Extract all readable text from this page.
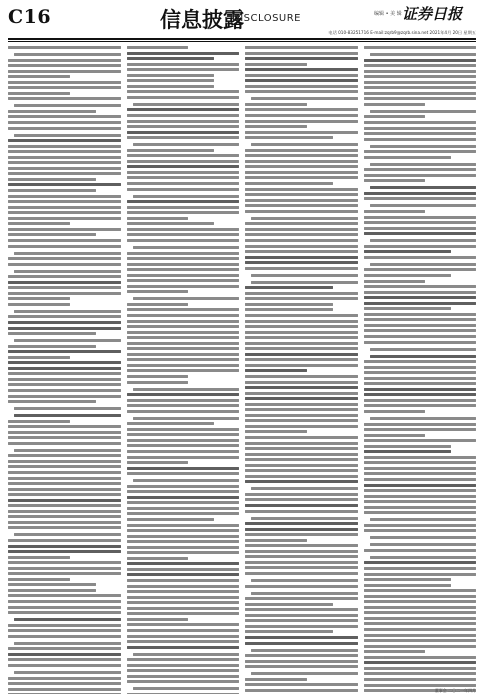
C16	信息披露
DISCLOSURE	编辑 • 美 辑 证券日报
电话 010-83251716 E-mail:zqrb9@zqrb.sina.net 2021年4月 20日 星期五
董事会 二〇二一年四月
